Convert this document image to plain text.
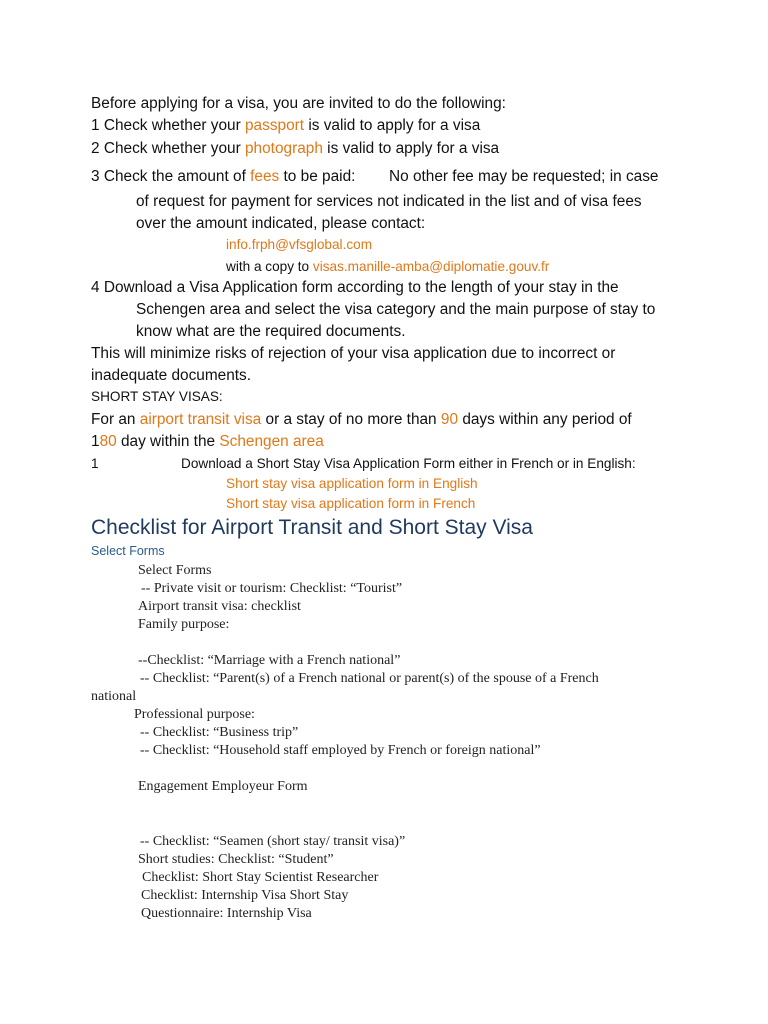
Before applying for a visa, you are invited to do the following:
1 Check whether your passport is valid to apply for a visa
2 Check whether your photograph is valid to apply for a visa
3 Check the amount of fees to be paid: No other fee may be requested; in case
of request for payment for services not indicated in the list and of visa fees
over the amount indicated, please contact:
info.frph@vfsglobal.com
with a copy to visas.manille-amba@diplomatie.gouv.fr
4 Download a Visa Application form according to the length of your stay in the
Schengen area and select the visa category and the main purpose of stay to
know what are the required documents.
This will minimize risks of rejection of your visa application due to incorrect or
inadequate documents.
SHORT STAY VISAS:
For an airport transit visa or a stay of no more than 90 days within any period of
180 day within the Schengen area
1	Download a Short Stay Visa Application Form either in French or in English:
Short stay visa application form in English
Short stay visa application form in French
Checklist for Airport Transit and Short Stay Visa
Select Forms
Select Forms
-- Private visit or tourism: Checklist: “Tourist”
Airport transit visa: checklist
Family purpose:
--Checklist: “Marriage with a French national”
-- Checklist: “Parent(s) of a French national or parent(s) of the spouse of a French
national
Professional purpose:
-- Checklist: “Business trip”
-- Checklist: “Household staff employed by French or foreign national”
Engagement Employeur Form
-- Checklist: “Seamen (short stay/ transit visa)”
Short studies: Checklist: “Student”
Checklist: Short Stay Scientist Researcher
Checklist: Internship Visa Short Stay
Questionnaire: Internship Visa
